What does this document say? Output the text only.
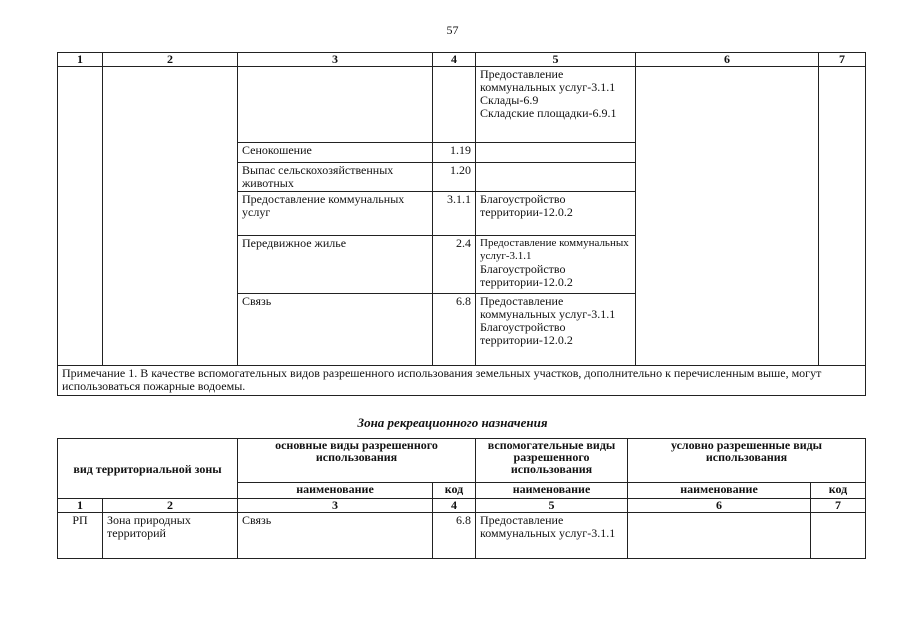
57
1	2	3	4	5	6	7

				Предоставление коммунальных услуг-3.1.1
Склады-6.9
Складские площадки-6.9.1		

		Сенокошение	1.19			
		Выпас сельскохозяйственных животных	1.20			
		Предоставление коммунальных услуг	3.1.1	Благоустройство территории-12.0.2		

		Передвижное жилье	2.4	Предоставление коммунальных услуг-3.1.1
Благоустройство территории-12.0.2		

		Связь	6.8	Предоставление коммунальных услуг-3.1.1
Благоустройство территории-12.0.2		

Примечание 1. В качестве вспомогательных видов разрешенного использования земельных участков, дополнительно к перечисленным выше, могут использоваться пожарные водоемы.						
Зона рекреационного назначения
вид территориальной зоны		основные виды разрешенного использования		вспомогательные виды разрешенного использования	условно разрешенные виды использования	
		наименование	код	наименование	наименование	код
1	2	3	4	5	6	7
РП	Зона природных территорий	Связь	6.8	Предоставление коммунальных услуг-3.1.1		
